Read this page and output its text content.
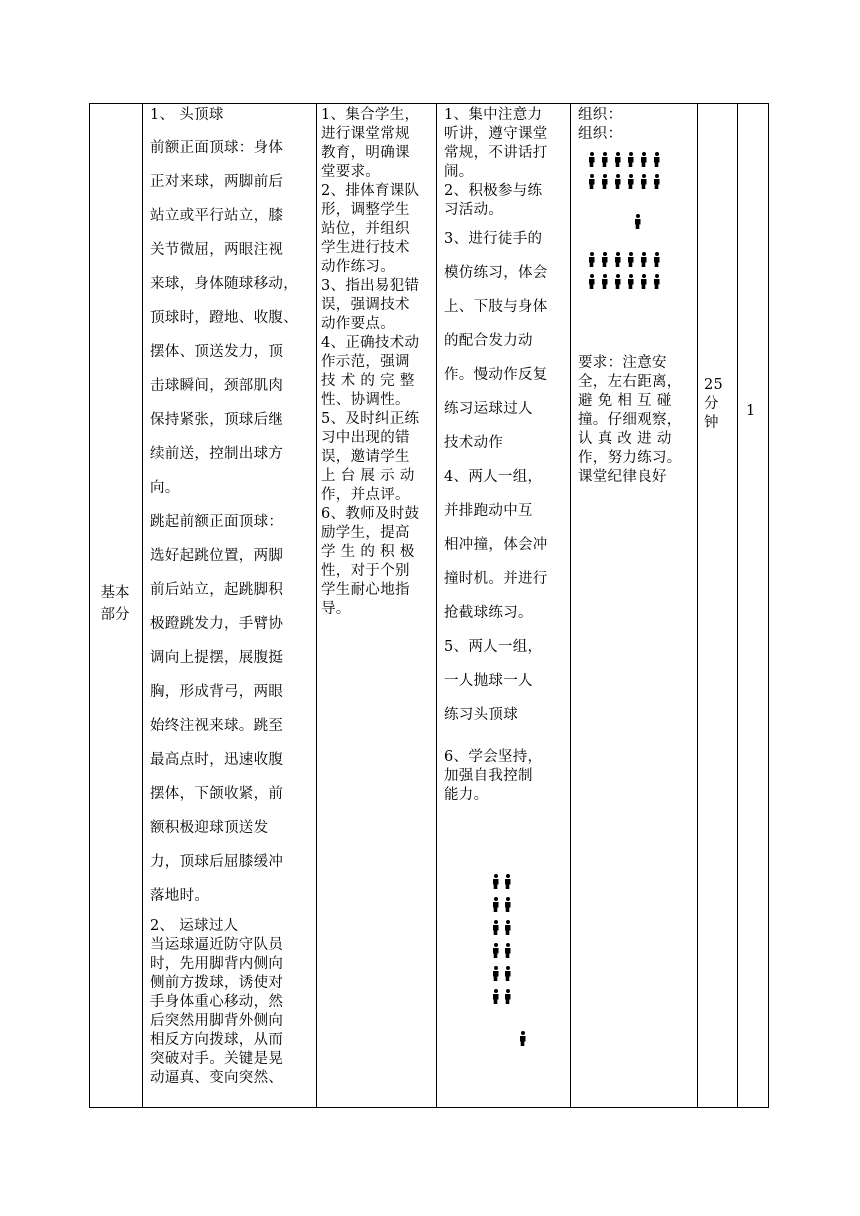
基本
部分

1、 头顶球

前额正面顶球：身体

正对来球，两脚前后

站立或平行站立，膝

关节微屈，两眼注视

来球，身体随球移动，

顶球时，蹬地、收腹、

摆体、顶送发力，顶

击球瞬间，颈部肌肉

保持紧张，顶球后继

续前送，控制出球方

向。

跳起前额正面顶球：

选好起跳位置，两脚

前后站立，起跳脚积

极蹬跳发力，手臂协

调向上提摆，展腹挺

胸，形成背弓，两眼

始终注视来球。跳至

最高点时，迅速收腹

摆体，下颌收紧，前

额积极迎球顶送发

力，顶球后屈膝缓冲

落地时。

2、 运球过人

当运球逼近防守队员

时，先用脚背内侧向

侧前方拨球，诱使对

手身体重心移动，然

后突然用脚背外侧向

相反方向拨球，从而

突破对手。关键是晃

动逼真、变向突然、

1、集合学生，

进行课堂常规

教育，明确课

堂要求。

2、排体育课队

形，调整学生

站位，并组织

学生进行技术

动作练习。

3、指出易犯错

误，强调技术

动作要点。

4、正确技术动

作示范，强调

技 术 的 完 整

性、协调性。

5、及时纠正练

习中出现的错

误，邀请学生

上 台 展 示 动

作，并点评。

6、教师及时鼓

励学生，提高

学 生 的 积 极

性，对于个别

学生耐心地指

导。

1、集中注意力

听讲，遵守课堂

常规，不讲话打

闹。

2、积极参与练

习活动。

3、进行徒手的

模仿练习，体会

上、下肢与身体

的配合发力动

作。慢动作反复

练习运球过人

技术动作

4、两人一组，

并排跑动中互

相冲撞，体会冲

撞时机。并进行

抢截球练习。

5、两人一组，

一人抛球一人

练习头顶球

6、学会坚持，

加强自我控制

能力。

组织：

组织：

要求：注意安

全，左右距离，

避 免 相 互 碰

撞。仔细观察，

认 真 改 进 动

作，努力练习。

课堂纪律良好

25

分

钟

1
